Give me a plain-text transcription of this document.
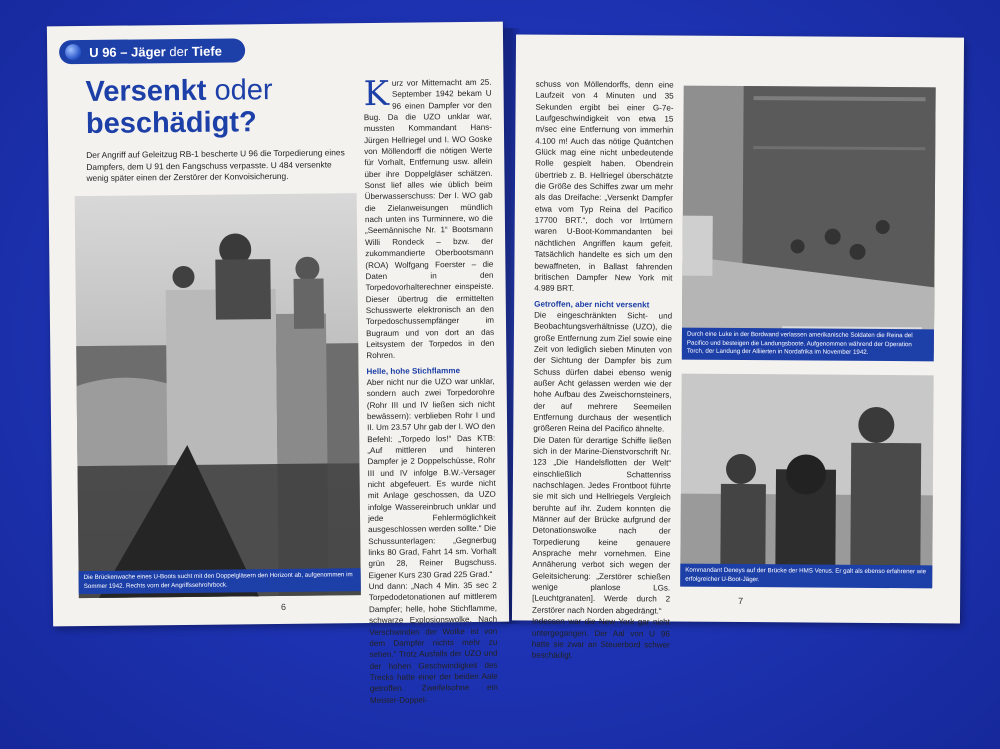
U 96 – Jäger der Tiefe
Versenkt oder
beschädigt?
Der Angriff auf Geleitzug RB-1 bescherte U 96 die Torpedierung eines Dampfers, dem U 91 den Fangschuss verpasste. U 484 versenkte wenig später einen der Zerstörer der Konvoisicherung.
Die Brückenwache eines U-Boots sucht mit den Doppelgläsern den Horizont ab, aufgenommen im Sommer 1942. Rechts vorn der Angriffssehrohrbock.

Kurz vor Mitternacht am 25. September 1942 bekam U 96 einen Dampfer vor den Bug. Da die UZO unklar war, mussten Kommandant Hans-Jürgen Hellriegel und I. WO Goske von Möllendorff die nötigen Werte für Vorhalt, Entfernung usw. allein über ihre Doppelgläser schätzen. Sonst lief alles wie üblich beim Überwasserschuss: Der I. WO gab die Zielanweisungen mündlich nach unten ins Turminnere, wo die „Seemännische Nr. 1“ Bootsmann Willi Rondeck – bzw. der zukommandierte Oberbootsmann (ROA) Wolfgang Foerster – die Daten in den Torpedovorhalterechner einspeiste. Dieser übertrug die ermittelten Schusswerte elektronisch an den Torpedoschussempfänger im Bugraum und von dort an das Leitsystem der Torpedos in den Rohren.

Helle, hohe Stichflamme

Aber nicht nur die UZO war unklar, sondern auch zwei Torpedorohre (Rohr III und IV ließen sich nicht bewässern): verblieben Rohr I und II. Um 23.57 Uhr gab der I. WO den Befehl: „Torpedo los!“ Das KTB: „Auf mittleren und hinteren Dampfer je 2 Doppelschüsse, Rohr III und IV infolge B.W.-Versager nicht abgefeuert. Es wurde nicht mit Anlage geschossen, da UZO infolge Wassereinbruch unklar und jede Fehlermöglichkeit ausgeschlossen werden sollte.“ Die Schussunterlagen: „Gegnerbug links 80 Grad, Fahrt 14 sm. Vorhalt grün 28, Reiner Bugschuss. Eigener Kurs 230 Grad 225 Grad.“

Und dann: „Nach 4 Min. 35 sec 2 Torpedodetonationen auf mittlerem Dampfer; helle, hohe Stichflamme, schwarze Explosionswolke. Nach Verschwinden der Wolke ist von dem Dampfer nichts mehr zu sehen.“ Trotz Ausfalls der UZO und der hohen Geschwindigkeit des Trecks hatte einer der beiden Aale getroffen. Zweifelsohne ein Meister-Doppel-

6

schuss von Möllendorffs, denn eine Laufzeit von 4 Minuten und 35 Sekunden ergibt bei einer G-7e-Laufgeschwindigkeit von etwa 15 m/sec eine Entfernung von immerhin 4.100 m! Auch das nötige Quäntchen Glück mag eine nicht unbedeutende Rolle gespielt haben. Obendrein übertrieb z. B. Hellriegel überschätzte die Größe des Schiffes zwar um mehr als das Dreifache: „Versenkt Dampfer etwa vom Typ Reina del Pacifico 17700 BRT.“, doch vor Irrtümern waren U-Boot-Kommandanten bei nächtlichen Angriffen kaum gefeit. Tatsächlich handelte es sich um den bewaffneten, in Ballast fahrenden britischen Dampfer New York mit 4.989 BRT.

Getroffen, aber nicht versenkt

Die eingeschränkten Sicht- und Beobachtungsverhältnisse (UZO), die große Entfernung zum Ziel sowie eine Zeit von lediglich sieben Minuten von der Sichtung der Dampfer bis zum Schuss dürfen dabei ebenso wenig außer Acht gelassen werden wie der hohe Aufbau des Zweischornsteiners, der auf mehrere Seemeilen Entfernung durchaus der wesentlich größeren Reina del Pacifico ähnelte.

Die Daten für derartige Schiffe ließen sich in der Marine-Dienstvorschrift Nr. 123 „Die Handelsflotten der Welt“ einschließlich Schattenriss nachschlagen. Jedes Frontboot führte sie mit sich und Hellriegels Vergleich beruhte auf ihr. Zudem konnten die Männer auf der Brücke aufgrund der Detonationswolke nach der Torpedierung keine genauere Ansprache mehr vornehmen. Eine Annäherung verbot sich wegen der Geleitsicherung: „Zerstörer schießen wenige planlose LGs. [Leuchtgranaten]. Werde durch 2 Zerstörer nach Norden abgedrängt.“

Indessen war die New York gar nicht untergegangen. Der Aal von U 96 hatte sie zwar an Steuerbord schwer beschädigt.

Durch eine Luke in der Bordwand verlassen amerikanische Soldaten die Reina del Pacifico und besteigen die Landungsboote. Aufgenommen während der Operation Torch, der Landung der Alliierten in Nordafrika im November 1942.
Kommandant Deneys auf der Brücke der HMS Venus. Er galt als ebenso erfahrener wie erfolgreicher U-Boot-Jäger.
7
